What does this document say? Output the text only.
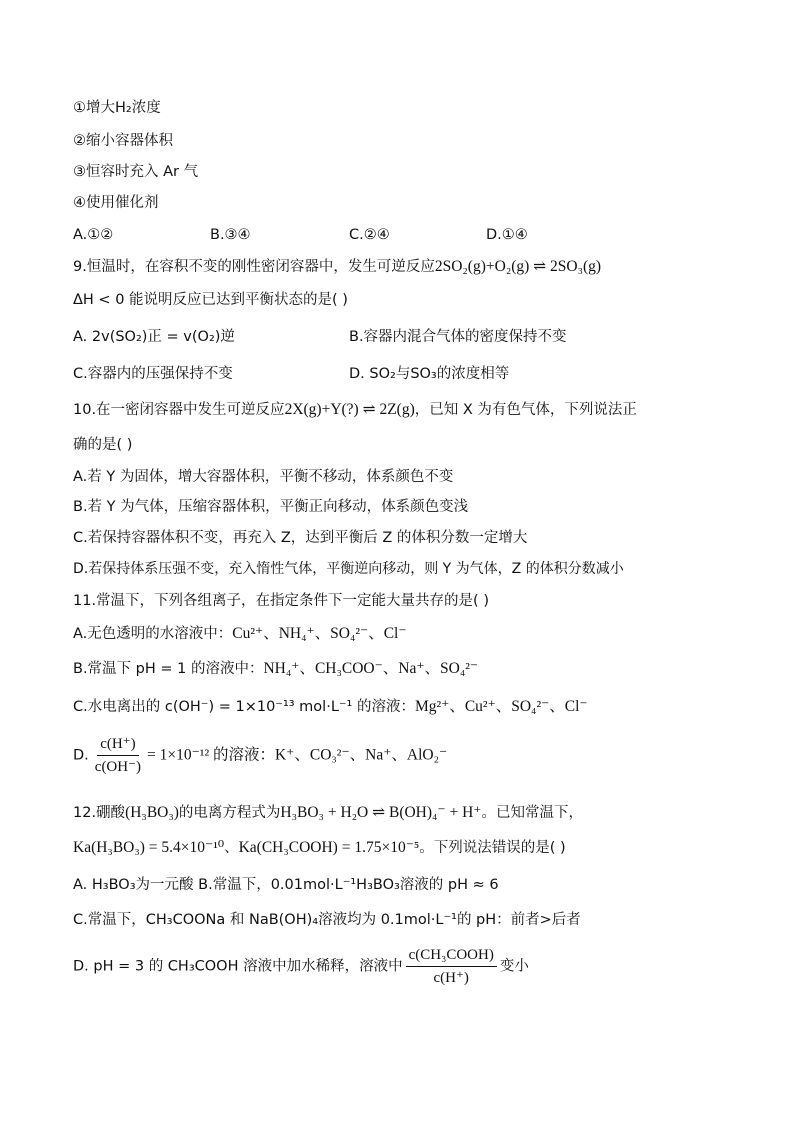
①增大H₂浓度
②缩小容器体积
③恒容时充入 Ar 气
④使用催化剂
A.①②	B.③④	C.②④	D.①④
9.恒温时，在容积不变的刚性密闭容器中，发生可逆反应2SO₂(g)+O₂(g) ⇌ 2SO₃(g)
ΔH < 0 能说明反应已达到平衡状态的是( )
A. 2v(SO₂)正 = v(O₂)逆	B.容器内混合气体的密度保持不变
C.容器内的压强保持不变	D. SO₂与SO₃的浓度相等
10.在一密闭容器中发生可逆反应2X(g)+Y(?) ⇌ 2Z(g)，已知 X 为有色气体，下列说法正
确的是( )
A.若 Y 为固体，增大容器体积，平衡不移动，体系颜色不变
B.若 Y 为气体，压缩容器体积，平衡正向移动，体系颜色变浅
C.若保持容器体积不变，再充入 Z，达到平衡后 Z 的体积分数一定增大
D.若保持体系压强不变，充入惰性气体，平衡逆向移动，则 Y 为气体，Z 的体积分数减小
11.常温下，下列各组离子，在指定条件下一定能大量共存的是( )
A.无色透明的水溶液中：Cu²⁺、NH₄⁺、SO₄²⁻、Cl⁻
B.常温下 pH = 1 的溶液中：NH₄⁺、CH₃COO⁻、Na⁺、SO₄²⁻
C.水电离出的 c(OH⁻) = 1×10⁻¹³ mol·L⁻¹ 的溶液：Mg²⁺、Cu²⁺、SO₄²⁻、Cl⁻
D. $\frac{c(H^+)}{c(OH^-)} = 1\times 10^{-12}$ 的溶液：K⁺、CO₃²⁻、Na⁺、AlO₂⁻
12.硼酸(H₃BO₃)的电离方程式为H₃BO₃ + H₂O ⇌ B(OH)₄⁻ + H⁺。已知常温下，
Ka(H₃BO₃) = 5.4×10⁻¹⁰、Ka(CH₃COOH) = 1.75×10⁻⁵。下列说法错误的是( )
A. H₃BO₃为一元酸 B.常温下，0.01mol·L⁻¹H₃BO₃溶液的 pH ≈ 6
C.常温下，CH₃COONa 和 NaB(OH)₄溶液均为 0.1mol·L⁻¹的 pH：前者>后者
D. pH = 3 的 CH₃COOH 溶液中加水稀释，溶液中 $\frac{\text{c(CH₃COOH)}}{c(H^+)}$ 变小
